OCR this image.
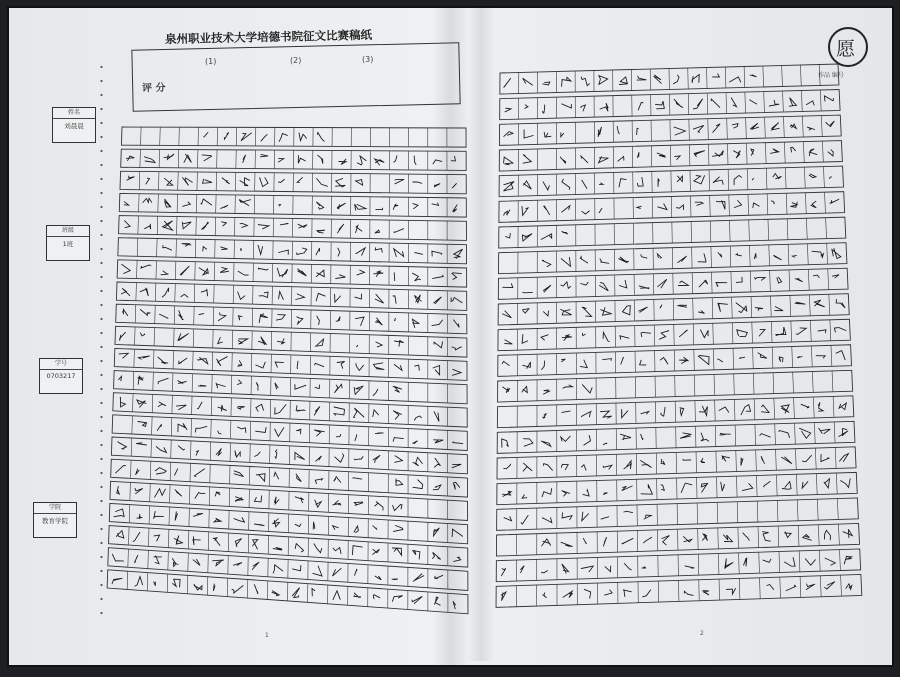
泉州职业技术大学培德书院征文比赛稿纸
愿
作品 编号
评 分
(1)	(2)	(3)
姓名
刘晨晨
班级
1班
学号
0703217
学院
教育学院
1	2
